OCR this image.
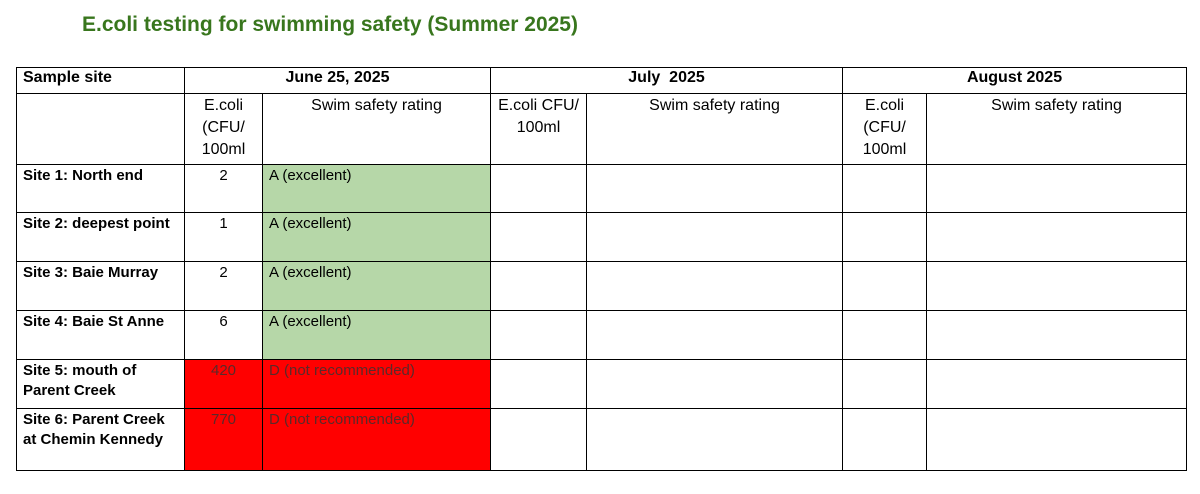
E.coli testing for swimming safety (Summer 2025)
Sample site	June 25, 2025		July  2025		August 2025	
	E.coli (CFU/ 100ml	Swim safety rating	E.coli CFU/ 100ml	Swim safety rating	E.coli (CFU/ 100ml	Swim safety rating
Site 1: North end	2	A (excellent)				
Site 2: deepest point	1	A (excellent)				
Site 3: Baie Murray	2	A (excellent)				
Site 4: Baie St Anne	6	A (excellent)				
Site 5: mouth of Parent Creek	420	D (not recommended)				
Site 6: Parent Creek at Chemin Kennedy	770	D (not recommended)				
